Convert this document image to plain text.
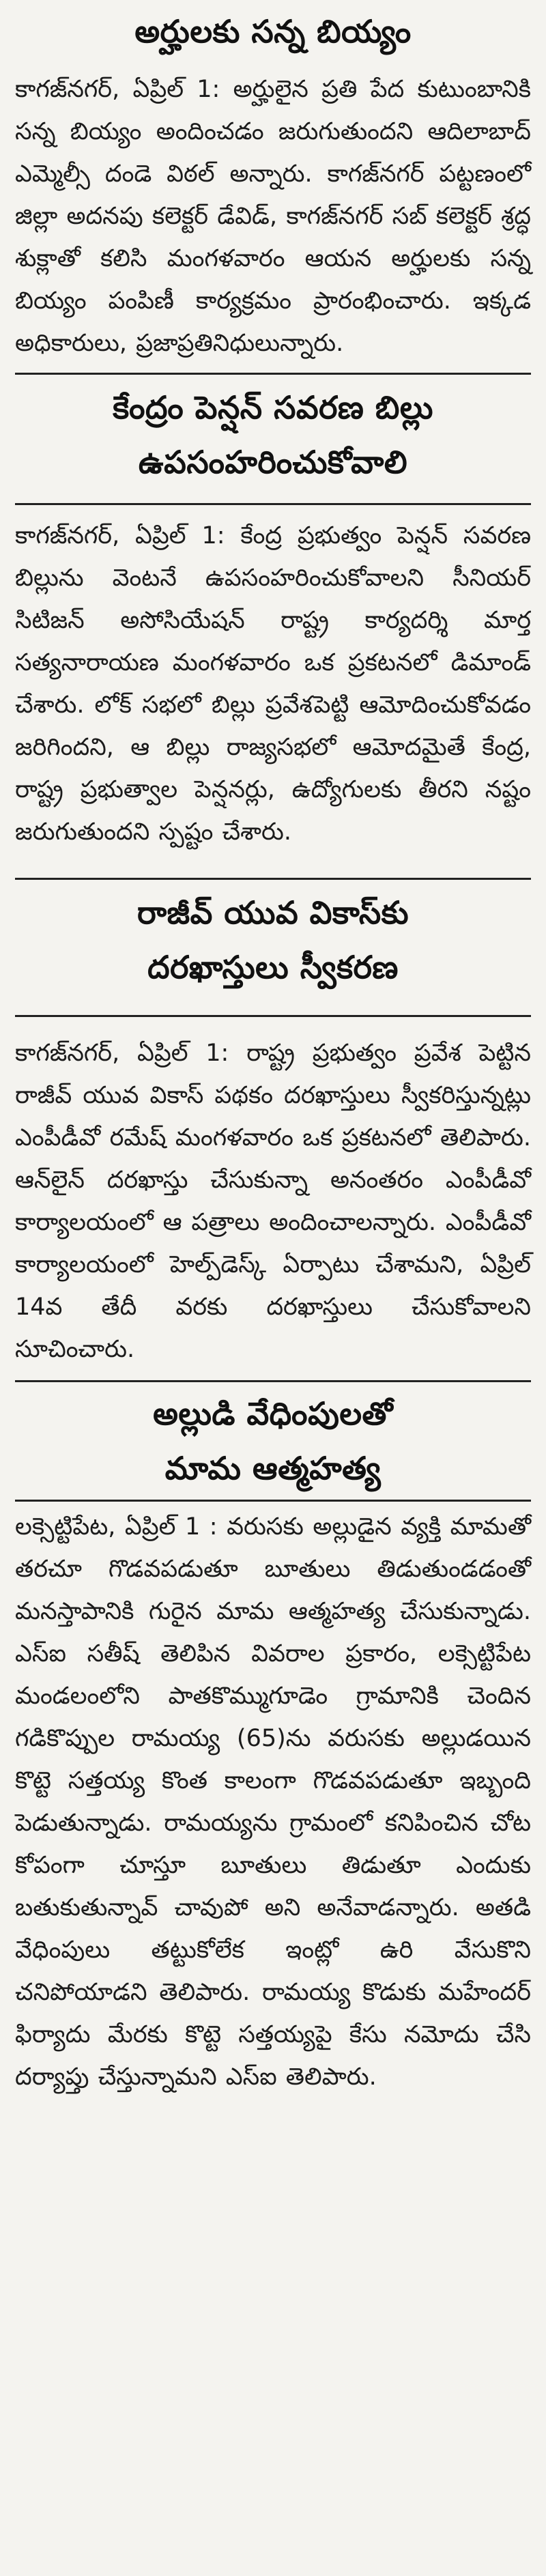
అర్హులకు సన్న బియ్యం

కాగజ్‌నగర్, ఏప్రిల్ 1: అర్హులైన ప్రతి పేద కుటుంబానికి సన్న బియ్యం అందించడం జరుగుతుందని ఆదిలాబాద్ ఎమ్మెల్సీ దండె విఠల్ అన్నారు. కాగజ్‌నగర్ పట్టణంలో జిల్లా అదనపు కలెక్టర్ డేవిడ్, కాగజ్‌నగర్ సబ్ కలెక్టర్ శ్రద్ధ శుక్లాతో కలిసి మంగళవారం ఆయన అర్హులకు సన్న బియ్యం పంపిణీ కార్యక్రమం ప్రారంభించారు. ఇక్కడ అధికారులు, ప్రజాప్రతినిధులున్నారు.

కేంద్రం పెన్షన్ సవరణ బిల్లు
ఉపసంహరించుకోవాలి

కాగజ్‌నగర్, ఏప్రిల్ 1: కేంద్ర ప్రభుత్వం పెన్షన్ సవరణ బిల్లును వెంటనే ఉపసంహరించుకోవాలని సీనియర్ సిటిజన్ అసోసియేషన్ రాష్ట్ర కార్యదర్శి మార్త సత్యనారాయణ మంగళవారం ఒక ప్రకటనలో డిమాండ్ చేశారు. లోక్ సభలో బిల్లు ప్రవేశపెట్టి ఆమోదించుకోవడం జరిగిందని, ఆ బిల్లు రాజ్యసభలో ఆమోదమైతే కేంద్ర, రాష్ట్ర ప్రభుత్వాల పెన్షనర్లు, ఉద్యోగులకు తీరని నష్టం జరుగుతుందని స్పష్టం చేశారు.

రాజీవ్ యువ వికాస్‌కు
దరఖాస్తులు స్వీకరణ

కాగజ్‌నగర్, ఏప్రిల్ 1: రాష్ట్ర ప్రభుత్వం ప్రవేశ పెట్టిన రాజీవ్ యువ వికాస్ పథకం దరఖాస్తులు స్వీకరిస్తున్నట్లు ఎంపీడీవో రమేష్ మంగళవారం ఒక ప్రకటనలో తెలిపారు. ఆన్‌లైన్ దరఖాస్తు చేసుకున్నా అనంతరం ఎంపీడీవో కార్యాలయంలో ఆ పత్రాలు అందించాలన్నారు. ఎంపీడీవో కార్యాలయంలో హెల్ప్‌డెస్క్ ఏర్పాటు చేశామని, ఏప్రిల్ 14వ తేదీ వరకు దరఖాస్తులు చేసుకోవాలని సూచించారు.

అల్లుడి వేధింపులతో
మామ ఆత్మహత్య

లక్సెట్టిపేట, ఏప్రిల్ 1 : వరుసకు అల్లుడైన వ్యక్తి మామతో తరచూ గొడవపడుతూ బూతులు తిడుతుండడంతో మనస్తాపానికి గురైన మామ ఆత్మహత్య చేసుకున్నాడు. ఎస్ఐ సతీష్ తెలిపిన వివరాల ప్రకారం, లక్సెట్టిపేట మండలంలోని పాతకొమ్ముగూడెం గ్రామానికి చెందిన గడికొప్పుల రామయ్య (65)ను వరుసకు అల్లుడయిన కొట్టె సత్తయ్య కొంత కాలంగా గొడవపడుతూ ఇబ్బంది పెడుతున్నాడు. రామయ్యను గ్రామంలో కనిపించిన చోట కోపంగా చూస్తూ బూతులు తిడుతూ ఎందుకు బతుకుతున్నావ్ చావుపో అని అనేవాడన్నారు. అతడి వేధింపులు తట్టుకోలేక ఇంట్లో ఉరి వేసుకొని చనిపోయాడని తెలిపారు. రామయ్య కొడుకు మహేందర్ ఫిర్యాదు మేరకు కొట్టె సత్తయ్యపై కేసు నమోదు చేసి దర్యాప్తు చేస్తున్నామని ఎస్ఐ తెలిపారు.
